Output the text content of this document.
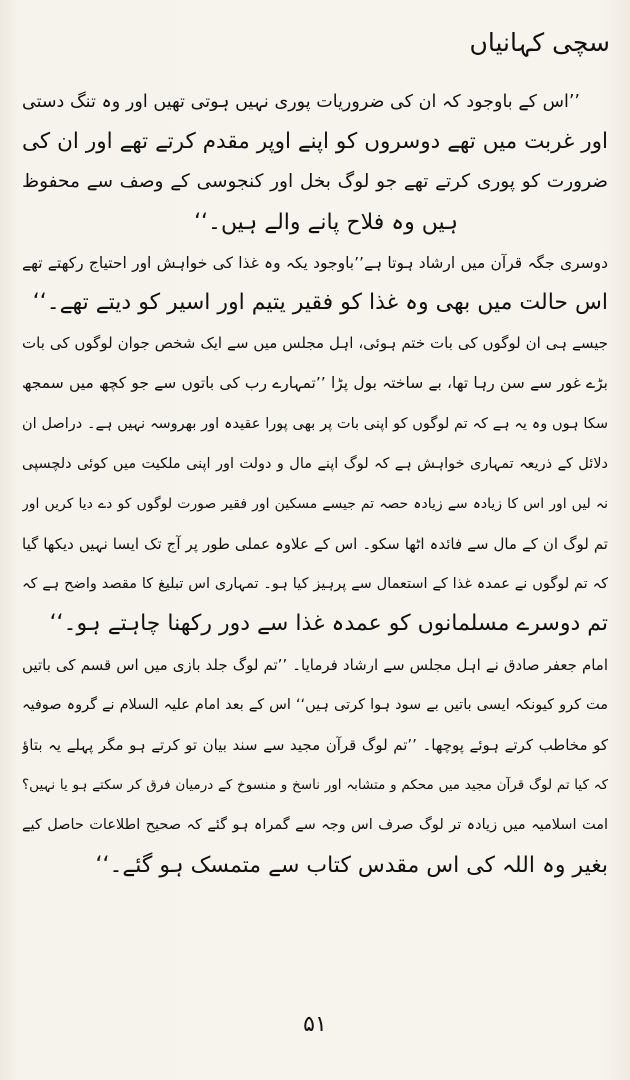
سچی کہانیاں
’’اس کے باوجود کہ ان کی ضروریات پوری نہیں ہوتی تھیں اور وہ تنگ دستی
اور غربت میں تھے دوسروں کو اپنے اوپر مقدم کرتے تھے اور ان کی
ضرورت کو پوری کرتے تھے جو لوگ بخل اور کنجوسی کے وصف سے محفوظ
ہیں وہ فلاح پانے والے ہیں۔‘‘
دوسری جگہ قرآن میں ارشاد ہوتا ہے’’باوجود یکہ وہ غذا کی خواہش اور احتیاج رکھتے تھے
اس حالت میں بھی وہ غذا کو فقیر یتیم اور اسیر کو دیتے تھے۔‘‘
جیسے ہی ان لوگوں کی بات ختم ہوئی، اہل مجلس میں سے ایک شخص جوان لوگوں کی بات
بڑے غور سے سن رہا تھا، بے ساختہ بول پڑا ’’تمہارے رب کی باتوں سے جو کچھ میں سمجھ
سکا ہوں وہ یہ ہے کہ تم لوگوں کو اپنی بات پر بھی پورا عقیدہ اور بھروسہ نہیں ہے۔ دراصل ان
دلائل کے ذریعہ تمہاری خواہش ہے کہ لوگ اپنے مال و دولت اور اپنی ملکیت میں کوئی دلچسپی
نہ لیں اور اس کا زیادہ سے زیادہ حصہ تم جیسے مسکین اور فقیر صورت لوگوں کو دے دیا کریں اور
تم لوگ ان کے مال سے فائدہ اٹھا سکو۔ اس کے علاوہ عملی طور پر آج تک ایسا نہیں دیکھا گیا
کہ تم لوگوں نے عمدہ غذا کے استعمال سے پرہیز کیا ہو۔ تمہاری اس تبلیغ کا مقصد واضح ہے کہ
تم دوسرے مسلمانوں کو عمدہ غذا سے دور رکھنا چاہتے ہو۔‘‘
امام جعفر صادق نے اہل مجلس سے ارشاد فرمایا۔ ’’تم لوگ جلد بازی میں اس قسم کی باتیں
مت کرو کیونکہ ایسی باتیں بے سود ہوا کرتی ہیں‘‘ اس کے بعد امام علیہ السلام نے گروہ صوفیہ
کو مخاطب کرتے ہوئے پوچھا۔ ’’تم لوگ قرآن مجید سے سند بیان تو کرتے ہو مگر پہلے یہ بتاؤ
کہ کیا تم لوگ قرآن مجید میں محکم و متشابہ اور ناسخ و منسوخ کے درمیان فرق کر سکتے ہو یا نہیں؟
امت اسلامیہ میں زیادہ تر لوگ صرف اس وجہ سے گمراہ ہو گئے کہ صحیح اطلاعات حاصل کیے
بغیر وہ اللہ کی اس مقدس کتاب سے متمسک ہو گئے۔‘‘
۵۱
